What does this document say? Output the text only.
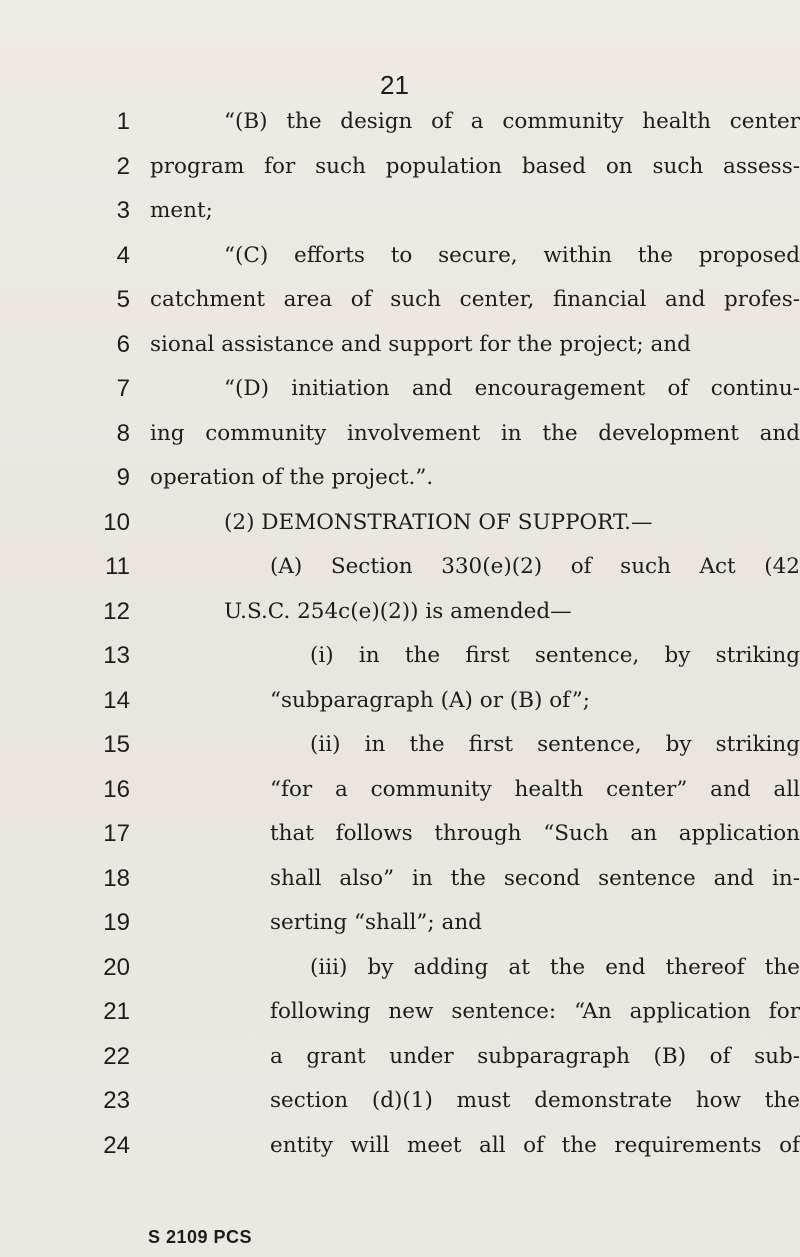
21
1
2
3
4
5
6
7
8
9
10
11
12
13
14
15
16
17
18
19
20
21
22
23
24
“(B) the design of a community health center
program for such population based on such assess-
ment;
“(C) efforts to secure, within the proposed
catchment area of such center, financial and profes-
sional assistance and support for the project; and
“(D) initiation and encouragement of continu-
ing community involvement in the development and
operation of the project.”.
(2) DEMONSTRATION OF SUPPORT.—
(A) Section 330(e)(2) of such Act (42
U.S.C. 254c(e)(2)) is amended—
(i) in the first sentence, by striking
“subparagraph (A) or (B) of”;
(ii) in the first sentence, by striking
“for a community health center” and all
that follows through “Such an application
shall also” in the second sentence and in-
serting “shall”; and
(iii) by adding at the end thereof the
following new sentence: “An application for
a grant under subparagraph (B) of sub-
section (d)(1) must demonstrate how the
entity will meet all of the requirements of
S 2109 PCS
